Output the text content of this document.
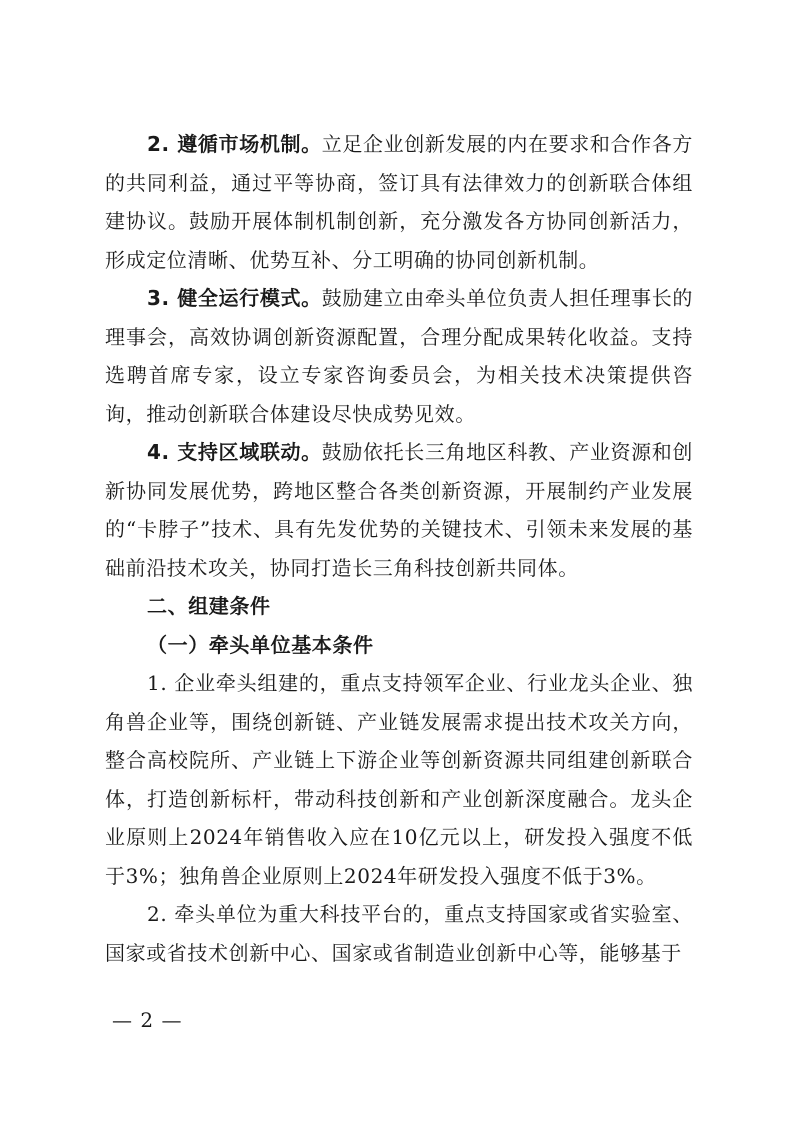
2. 遵循市场机制。立足企业创新发展的内在要求和合作各方的共同利益，通过平等协商，签订具有法律效力的创新联合体组建协议。鼓励开展体制机制创新，充分激发各方协同创新活力，形成定位清晰、优势互补、分工明确的协同创新机制。

3. 健全运行模式。鼓励建立由牵头单位负责人担任理事长的理事会，高效协调创新资源配置，合理分配成果转化收益。支持选聘首席专家，设立专家咨询委员会，为相关技术决策提供咨询，推动创新联合体建设尽快成势见效。

4. 支持区域联动。鼓励依托长三角地区科教、产业资源和创新协同发展优势，跨地区整合各类创新资源，开展制约产业发展的“卡脖子”技术、具有先发优势的关键技术、引领未来发展的基础前沿技术攻关，协同打造长三角科技创新共同体。

二、组建条件

（一）牵头单位基本条件

1. 企业牵头组建的，重点支持领军企业、行业龙头企业、独角兽企业等，围绕创新链、产业链发展需求提出技术攻关方向，整合高校院所、产业链上下游企业等创新资源共同组建创新联合体，打造创新标杆，带动科技创新和产业创新深度融合。龙头企业原则上2024年销售收入应在10亿元以上，研发投入强度不低于3%；独角兽企业原则上2024年研发投入强度不低于3%。

2. 牵头单位为重大科技平台的，重点支持国家或省实验室、国家或省技术创新中心、国家或省制造业创新中心等，能够基于

— 2 —
